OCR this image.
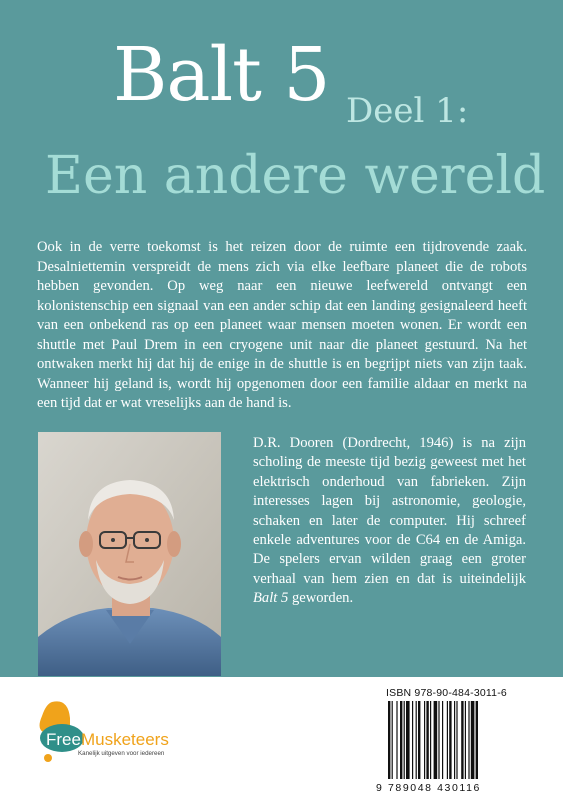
Balt 5 Deel 1:
Een andere wereld

Ook in de verre toekomst is het reizen door de ruimte een tijdrovende zaak. Desalniettemin verspreidt de mens zich via elke leefbare planeet die de robots hebben gevonden. Op weg naar een nieuwe leefwereld ontvangt een kolonistenschip een signaal van een ander schip dat een landing gesignaleerd heeft van een onbekend ras op een planeet waar mensen moeten wonen. Er wordt een shuttle met Paul Drem in een cryogene unit naar die planeet gestuurd. Na het ontwaken merkt hij dat hij de enige in de shuttle is en begrijpt niets van zijn taak. Wanneer hij geland is, wordt hij opgenomen door een familie aldaar en merkt na een tijd dat er wat vreselijks aan de hand is.

D.R. Dooren (Dordrecht, 1946) is na zijn scholing de meeste tijd bezig geweest met het elektrisch onderhoud van fabrieken. Zijn interesses lagen bij astronomie, geologie, schaken en later de computer. Hij schreef enkele adventures voor de C64 en de Amiga. De spelers ervan wilden graag een groter verhaal van hem zien en dat is uiteindelijk Balt 5 geworden.

FreeMusketeers
Kanelijk uitgeven voor iedereen
ISBN 978-90-484-3011-6
9 789048 430116
